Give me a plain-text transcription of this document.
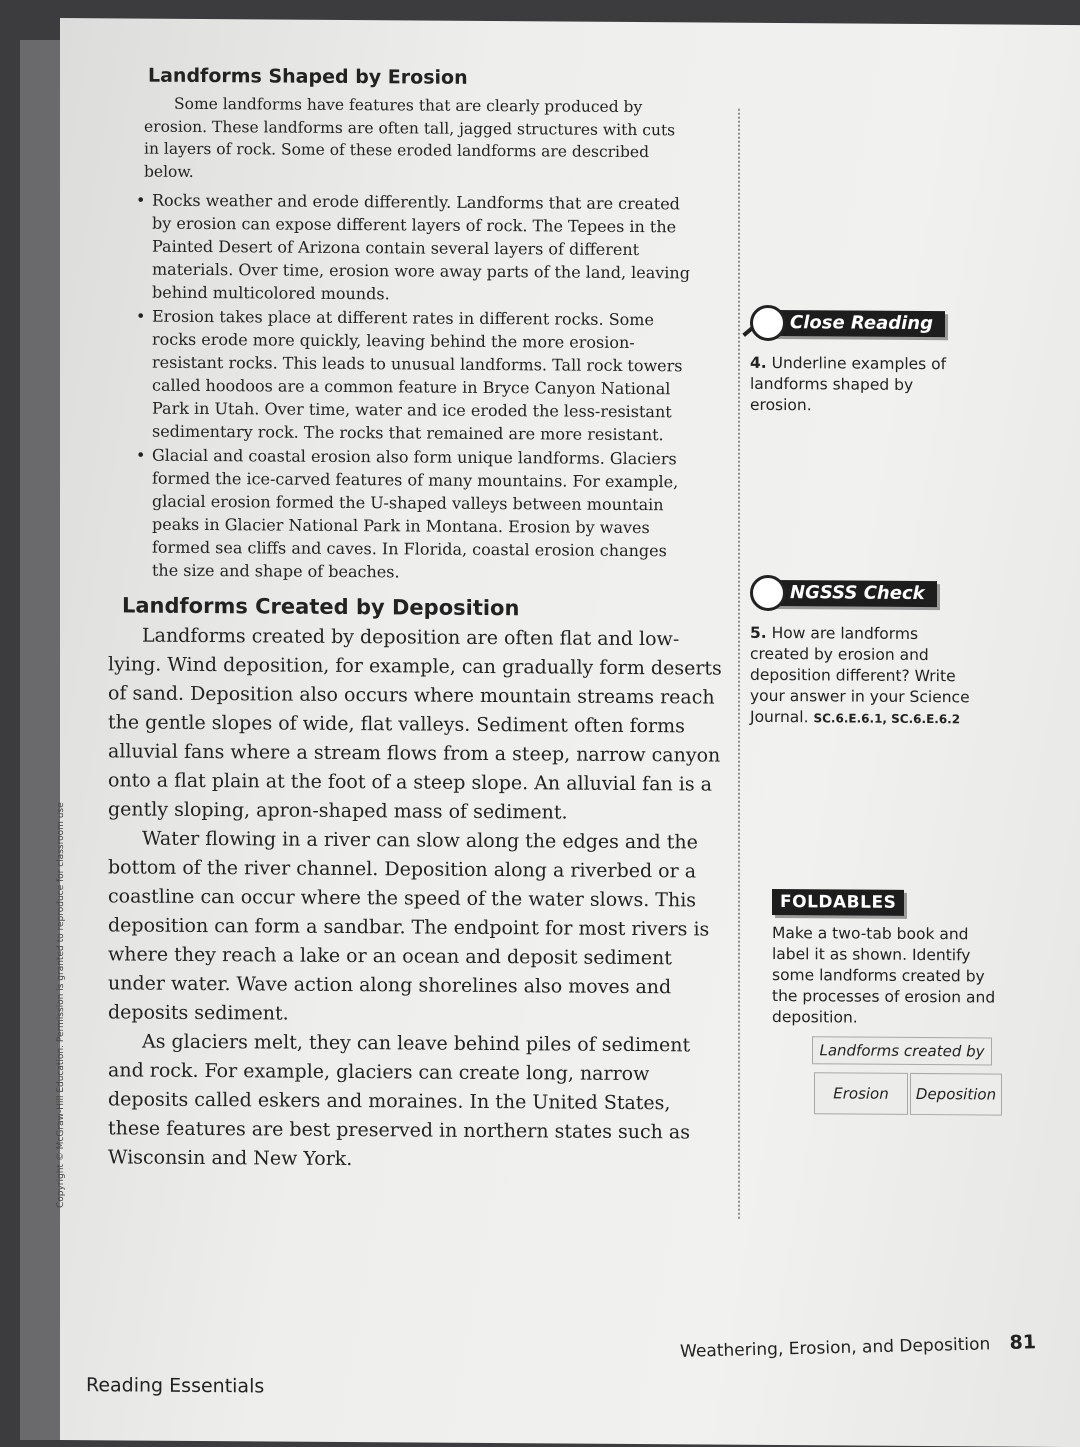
Copyright © McGraw-Hill Education. Permission is granted to reproduce for classroom use
Landforms Shaped by Erosion

Some landforms have features that are clearly produced by erosion. These landforms are often tall, jagged structures with cuts in layers of rock. Some of these eroded landforms are described below.

• Rocks weather and erode differently. Landforms that are created by erosion can expose different layers of rock. The Tepees in the Painted Desert of Arizona contain several layers of different materials. Over time, erosion wore away parts of the land, leaving behind multicolored mounds.
• Erosion takes place at different rates in different rocks. Some rocks erode more quickly, leaving behind the more erosion-resistant rocks. This leads to unusual landforms. Tall rock towers called hoodoos are a common feature in Bryce Canyon National Park in Utah. Over time, water and ice eroded the less-resistant sedimentary rock. The rocks that remained are more resistant.
• Glacial and coastal erosion also form unique landforms. Glaciers formed the ice-carved features of many mountains. For example, glacial erosion formed the U-shaped valleys between mountain peaks in Glacier National Park in Montana. Erosion by waves formed sea cliffs and caves. In Florida, coastal erosion changes the size and shape of beaches.
Landforms Created by Deposition

Landforms created by deposition are often flat and low-lying. Wind deposition, for example, can gradually form deserts of sand. Deposition also occurs where mountain streams reach the gentle slopes of wide, flat valleys. Sediment often forms alluvial fans where a stream flows from a steep, narrow canyon onto a flat plain at the foot of a steep slope. An alluvial fan is a gently sloping, apron-shaped mass of sediment.

Water flowing in a river can slow along the edges and the bottom of the river channel. Deposition along a riverbed or a coastline can occur where the speed of the water slows. This deposition can form a sandbar. The endpoint for most rivers is where they reach a lake or an ocean and deposit sediment under water. Wave action along shorelines also moves and deposits sediment.

As glaciers melt, they can leave behind piles of sediment and rock. For example, glaciers can create long, narrow deposits called eskers and moraines. In the United States, these features are best preserved in northern states such as Wisconsin and New York.

Close Reading
4. Underline examples of landforms shaped by erosion.
NGSSS Check
5. How are landforms created by erosion and deposition different? Write your answer in your Science Journal. SC.6.E.6.1, SC.6.E.6.2
FOLDABLES
Make a two-tab book and label it as shown. Identify some landforms created by the processes of erosion and deposition.
Landforms created by
Erosion	Deposition
Reading Essentials
Weathering, Erosion, and Deposition 81
